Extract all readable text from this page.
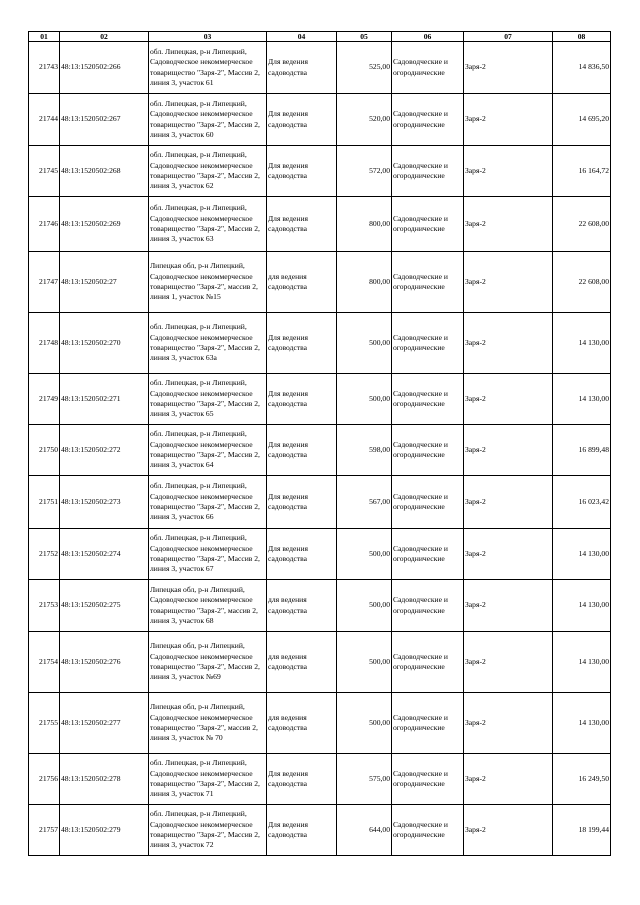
01	02	03	04	05	06	07	08
21743	48:13:1520502:266	обл. Липецкая, р-н Липецкий, Садоводческое некоммерческое товарищество "Заря-2", Массив 2, линия 3, участок 61	Для ведения садоводства	525,00	Садоводческие и огороднические	Заря-2	14 836,50
21744	48:13:1520502:267	обл. Липецкая, р-н Липецкий, Садоводческое некоммерческое товарищество "Заря-2", Массив 2, линия 3, участок 60	Для ведения садоводства	520,00	Садоводческие и огороднические	Заря-2	14 695,20
21745	48:13:1520502:268	обл. Липецкая, р-н Липецкий, Садоводческое некоммерческое товарищество "Заря-2", Массив 2, линия 3, участок 62	Для ведения садоводства	572,00	Садоводческие и огороднические	Заря-2	16 164,72
21746	48:13:1520502:269	обл. Липецкая, р-н Липецкий, Садоводческое некоммерческое товарищество "Заря-2", Массив 2, линия 3, участок 63	Для ведения садоводства	800,00	Садоводческие и огороднические	Заря-2	22 608,00
21747	48:13:1520502:27	Липецкая обл, р-н Липецкий, Садоводческое некоммерческое товарищество "Заря-2", массив 2, линия 1, участок №15	для ведения садоводства	800,00	Садоводческие и огороднические	Заря-2	22 608,00
21748	48:13:1520502:270	обл. Липецкая, р-н Липецкий, Садоводческое некоммерческое товарищество "Заря-2", Массив 2, линия 3, участок 63а	Для ведения садоводства	500,00	Садоводческие и огороднические	Заря-2	14 130,00
21749	48:13:1520502:271	обл. Липецкая, р-н Липецкий, Садоводческое некоммерческое товарищество "Заря-2", Массив 2, линия 3, участок 65	Для ведения садоводства	500,00	Садоводческие и огороднические	Заря-2	14 130,00
21750	48:13:1520502:272	обл. Липецкая, р-н Липецкий, Садоводческое некоммерческое товарищество "Заря-2", Массив 2, линия 3, участок 64	Для ведения садоводства	598,00	Садоводческие и огороднические	Заря-2	16 899,48
21751	48:13:1520502:273	обл. Липецкая, р-н Липецкий, Садоводческое некоммерческое товарищество "Заря-2", Массив 2, линия 3, участок 66	Для ведения садоводства	567,00	Садоводческие и огороднические	Заря-2	16 023,42
21752	48:13:1520502:274	обл. Липецкая, р-н Липецкий, Садоводческое некоммерческое товарищество "Заря-2", Массив 2, линия 3, участок 67	Для ведения садоводства	500,00	Садоводческие и огороднические	Заря-2	14 130,00
21753	48:13:1520502:275	Липецкая обл, р-н Липецкий, Садоводческое некоммерческое товарищество "Заря-2", массив 2, линия 3, участок 68	для ведения садоводства	500,00	Садоводческие и огороднические	Заря-2	14 130,00
21754	48:13:1520502:276	Липецкая обл, р-н Липецкий, Садоводческое некоммерческое товарищество "Заря-2", Массив 2, линия 3, участок №69	для ведения садоводства	500,00	Садоводческие и огороднические	Заря-2	14 130,00
21755	48:13:1520502:277	Липецкая обл, р-н Липецкий, Садоводческое некоммерческое товарищество "Заря-2", массив 2, линия 3, участок № 70	для ведения садоводства	500,00	Садоводческие и огороднические	Заря-2	14 130,00
21756	48:13:1520502:278	обл. Липецкая, р-н Липецкий, Садоводческое некоммерческое товарищество "Заря-2", Массив 2, линия 3, участок 71	Для ведения садоводства	575,00	Садоводческие и огороднические	Заря-2	16 249,50
21757	48:13:1520502:279	обл. Липецкая, р-н Липецкий, Садоводческое некоммерческое товарищество "Заря-2", Массив 2, линия 3, участок 72	Для ведения садоводства	644,00	Садоводческие и огороднические	Заря-2	18 199,44
